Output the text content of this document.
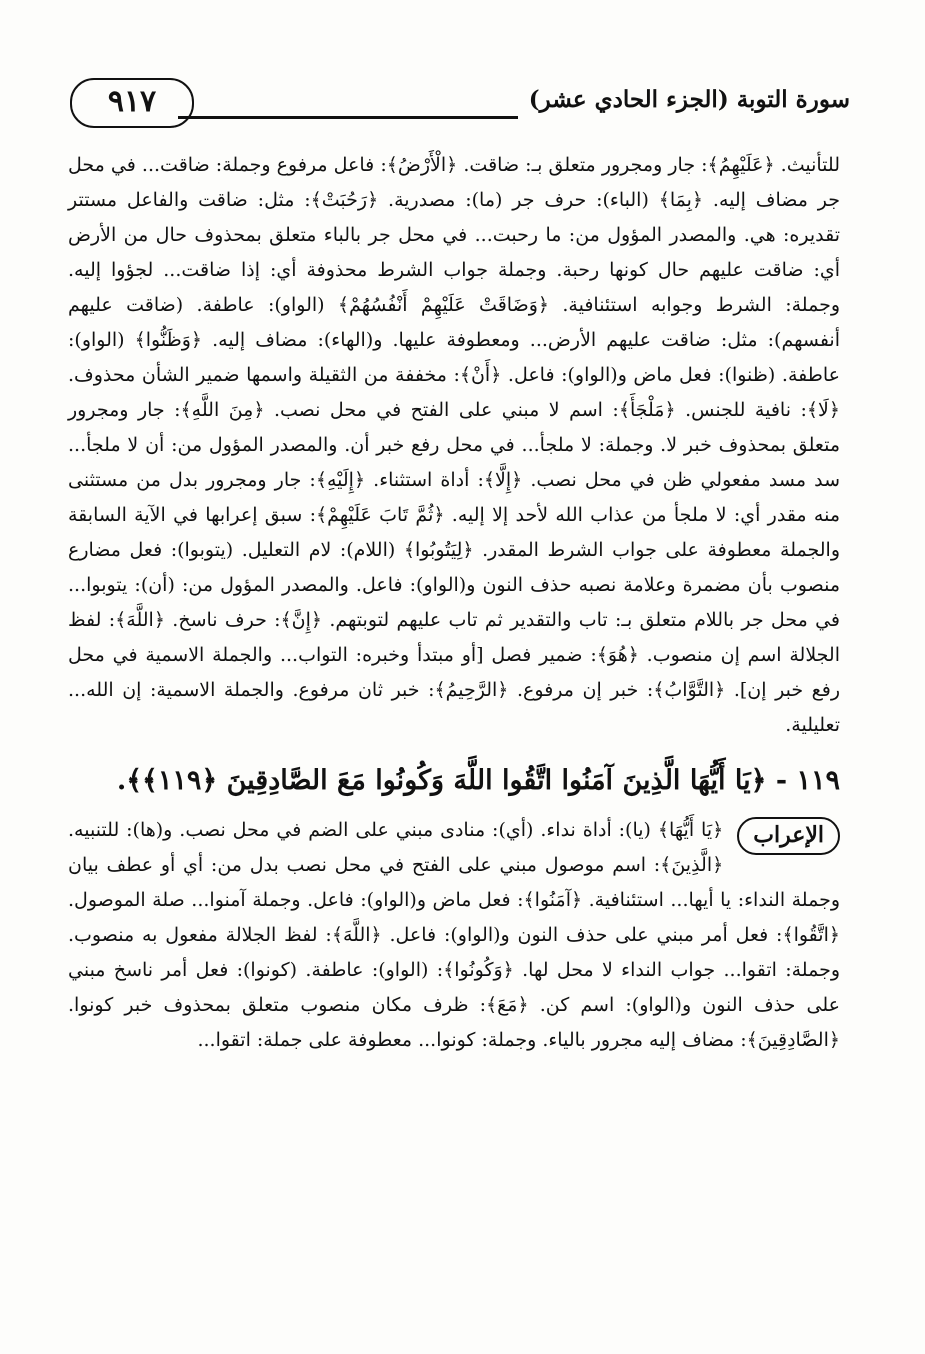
٩١٧	سورة التوبة (الجزء الحادي عشر)

للتأنيث. ﴿عَلَيْهِمُ﴾: جار ومجرور متعلق بـ: ضاقت. ﴿الْأَرْضُ﴾: فاعل مرفوع وجملة: ضاقت... في محل جر مضاف إليه. ﴿بِمَا﴾ (الباء): حرف جر (ما): مصدرية. ﴿رَحُبَتْ﴾: مثل: ضاقت والفاعل مستتر تقديره: هي. والمصدر المؤول من: ما رحبت... في محل جر بالباء متعلق بمحذوف حال من الأرض أي: ضاقت عليهم حال كونها رحبة. وجملة جواب الشرط محذوفة أي: إذا ضاقت... لجؤوا إليه. وجملة: الشرط وجوابه استئنافية. ﴿وَضَاقَتْ عَلَيْهِمْ أَنْفُسُهُمْ﴾ (الواو): عاطفة. (ضاقت عليهم أنفسهم): مثل: ضاقت عليهم الأرض... ومعطوفة عليها. و(الهاء): مضاف إليه. ﴿وَظَنُّوا﴾ (الواو): عاطفة. (ظنوا): فعل ماض و(الواو): فاعل. ﴿أَنْ﴾: مخففة من الثقيلة واسمها ضمير الشأن محذوف. ﴿لَا﴾: نافية للجنس. ﴿مَلْجَأَ﴾: اسم لا مبني على الفتح في محل نصب. ﴿مِنَ اللَّهِ﴾: جار ومجرور متعلق بمحذوف خبر لا. وجملة: لا ملجأ... في محل رفع خبر أن. والمصدر المؤول من: أن لا ملجأ... سد مسد مفعولي ظن في محل نصب. ﴿إِلَّا﴾: أداة استثناء. ﴿إِلَيْهِ﴾: جار ومجرور بدل من مستثنى منه مقدر أي: لا ملجأ من عذاب الله لأحد إلا إليه. ﴿ثُمَّ تَابَ عَلَيْهِمْ﴾: سبق إعرابها في الآية السابقة والجملة معطوفة على جواب الشرط المقدر. ﴿لِيَتُوبُوا﴾ (اللام): لام التعليل. (يتوبوا): فعل مضارع منصوب بأن مضمرة وعلامة نصبه حذف النون و(الواو): فاعل. والمصدر المؤول من: (أن): يتوبوا... في محل جر باللام متعلق بـ: تاب والتقدير ثم تاب عليهم لتوبتهم. ﴿إِنَّ﴾: حرف ناسخ. ﴿اللَّهَ﴾: لفظ الجلالة اسم إن منصوب. ﴿هُوَ﴾: ضمير فصل [أو مبتدأ وخبره: التواب... والجملة الاسمية في محل رفع خبر إن]. ﴿التَّوَّابُ﴾: خبر إن مرفوع. ﴿الرَّحِيمُ﴾: خبر ثان مرفوع. والجملة الاسمية: إن الله... تعليلية.

١١٩ - ﴿يَا أَيُّهَا الَّذِينَ آمَنُوا اتَّقُوا اللَّهَ وَكُونُوا مَعَ الصَّادِقِينَ ﴿١١٩﴾﴾.
الإعراب
﴿يَا أَيُّهَا﴾ (يا): أداة نداء. (أي): منادى مبني على الضم في محل نصب. و(ها): للتنبيه. ﴿الَّذِينَ﴾: اسم موصول مبني على الفتح في محل نصب بدل من: أي أو عطف بيان وجملة النداء: يا أيها... استئنافية. ﴿آمَنُوا﴾: فعل ماض و(الواو): فاعل. وجملة آمنوا... صلة الموصول. ﴿اتَّقُوا﴾: فعل أمر مبني على حذف النون و(الواو): فاعل. ﴿اللَّهَ﴾: لفظ الجلالة مفعول به منصوب. وجملة: اتقوا... جواب النداء لا محل لها. ﴿وَكُونُوا﴾: (الواو): عاطفة. (كونوا): فعل أمر ناسخ مبني على حذف النون و(الواو): اسم كن. ﴿مَعَ﴾: ظرف مكان منصوب متعلق بمحذوف خبر كونوا. ﴿الصَّادِقِينَ﴾: مضاف إليه مجرور بالياء. وجملة: كونوا... معطوفة على جملة: اتقوا...
